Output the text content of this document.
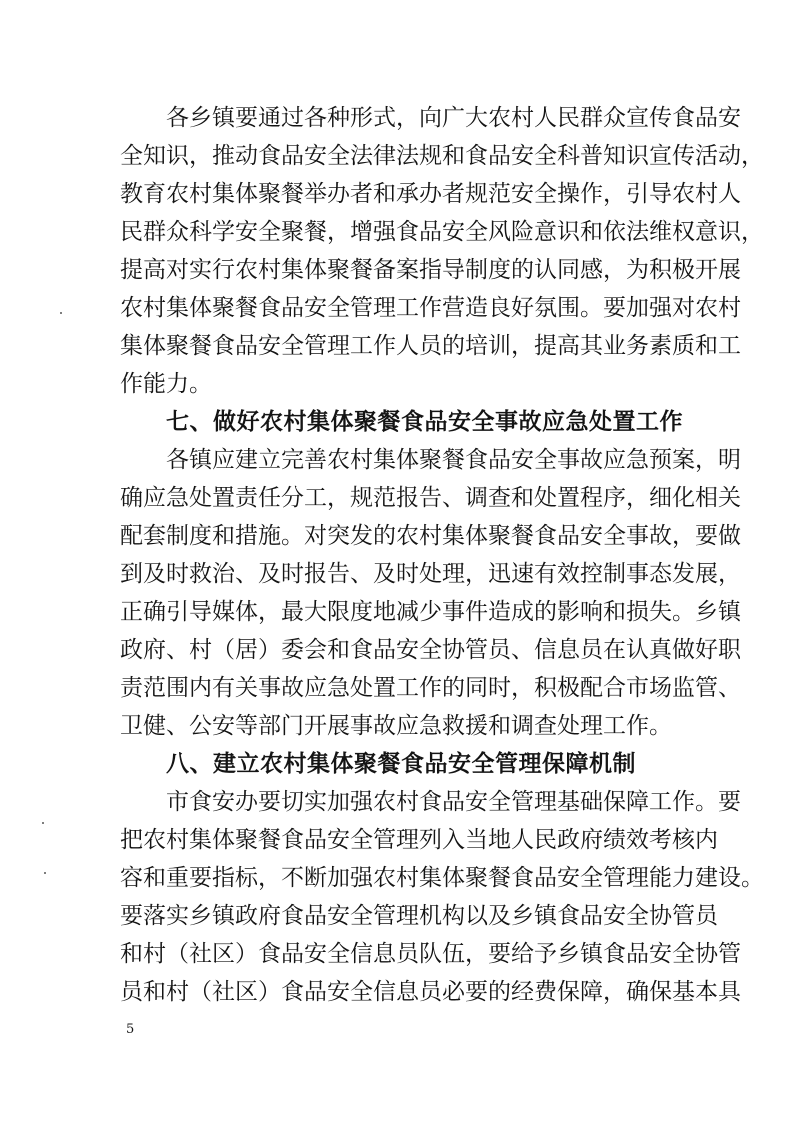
各乡镇要通过各种形式，向广大农村人民群众宣传食品安
全知识，推动食品安全法律法规和食品安全科普知识宣传活动，
教育农村集体聚餐举办者和承办者规范安全操作，引导农村人
民群众科学安全聚餐，增强食品安全风险意识和依法维权意识，
提高对实行农村集体聚餐备案指导制度的认同感，为积极开展
农村集体聚餐食品安全管理工作营造良好氛围。要加强对农村
集体聚餐食品安全管理工作人员的培训，提高其业务素质和工
作能力。
七、做好农村集体聚餐食品安全事故应急处置工作
各镇应建立完善农村集体聚餐食品安全事故应急预案，明
确应急处置责任分工，规范报告、调查和处置程序，细化相关
配套制度和措施。对突发的农村集体聚餐食品安全事故，要做
到及时救治、及时报告、及时处理，迅速有效控制事态发展，
正确引导媒体，最大限度地减少事件造成的影响和损失。乡镇
政府、村（居）委会和食品安全协管员、信息员在认真做好职
责范围内有关事故应急处置工作的同时，积极配合市场监管、
卫健、公安等部门开展事故应急救援和调查处理工作。
八、建立农村集体聚餐食品安全管理保障机制
市食安办要切实加强农村食品安全管理基础保障工作。要
把农村集体聚餐食品安全管理列入当地人民政府绩效考核内
容和重要指标，不断加强农村集体聚餐食品安全管理能力建设。
要落实乡镇政府食品安全管理机构以及乡镇食品安全协管员
和村（社区）食品安全信息员队伍，要给予乡镇食品安全协管
员和村（社区）食品安全信息员必要的经费保障，确保基本具
5
